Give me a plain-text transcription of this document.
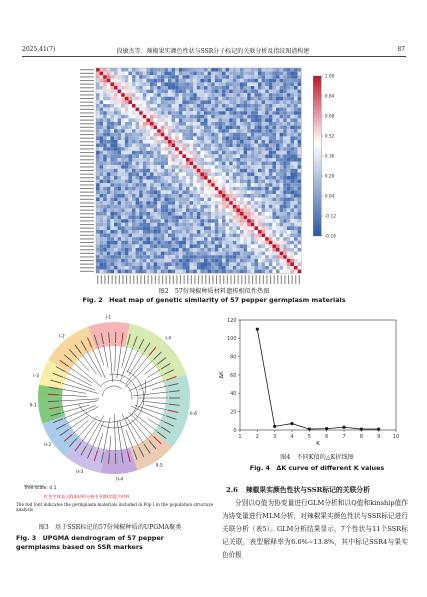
2025,41(7)	段敏杰等：辣椒果实颜色性状与SSR分子标记的关联分析及指纹图谱构建	87
1.00
0.84
0.68
0.52
0.36
0.20
0.04
-0.12
-0.16
图2　57份辣椒种质材料遗传相似性热图
Fig. 2　Heat map of genetic similarity of 57 pepper germplasm materials
I-1
I-2
I-3
I-4
II-1
II-2
II-3
II-4
II-5
II-6
Tree scale: 0.1
红色字体表示群体结构分析中亚群Ⅰ的混合材料
The red font indicates the germplasm materials included in Pop I in the population structure analysis
图3　基于SSR标记的57份辣椒种质的UPGMA聚类
Fig. 3　UPGMA dendrogram of 57 pepper germplasms based on SSR markers
0
20
40
60
80
100
120
1	2	3	4	5	6	7	8	9	10
K
ΔK
图4　不同K值的△K折线图
Fig. 4　ΔK curve of different K values
2.6 辣椒果实颜色性状与SSR标记的关联分析
分别以Q值为协变量进行GLM分析和以Q值和kinship值作为协变量进行MLM分析，对辣椒果实颜色性状与SSR标记进行关联分析（表5）。GLM分析结果显示，7个性状与11个SSR标记关联，表型解释率为6.6%~13.8%，其中标记SSR4与果实色价极
